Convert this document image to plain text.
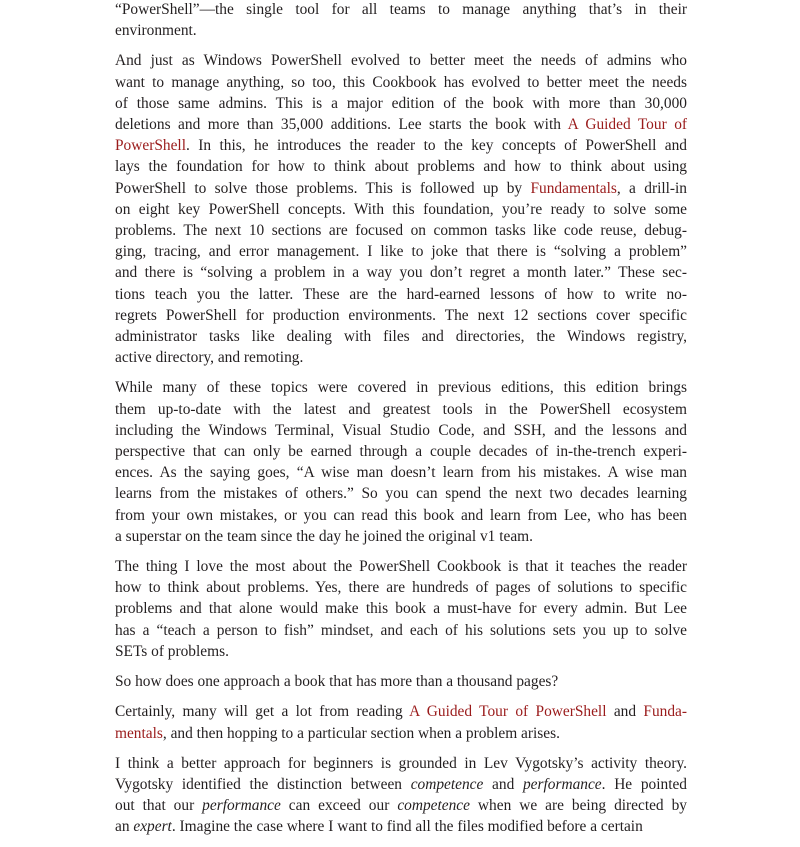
“PowerShell”—the single tool for all teams to manage anything that’s in their
environment.
And just as Windows PowerShell evolved to better meet the needs of admins who
want to manage anything, so too, this Cookbook has evolved to better meet the needs
of those same admins. This is a major edition of the book with more than 30,000
deletions and more than 35,000 additions. Lee starts the book with A Guided Tour of
PowerShell. In this, he introduces the reader to the key concepts of PowerShell and
lays the foundation for how to think about problems and how to think about using
PowerShell to solve those problems. This is followed up by Fundamentals, a drill-in
on eight key PowerShell concepts. With this foundation, you’re ready to solve some
problems. The next 10 sections are focused on common tasks like code reuse, debug-
ging, tracing, and error management. I like to joke that there is “solving a problem”
and there is “solving a problem in a way you don’t regret a month later.” These sec-
tions teach you the latter. These are the hard-earned lessons of how to write no-
regrets PowerShell for production environments. The next 12 sections cover specific
administrator tasks like dealing with files and directories, the Windows registry,
active directory, and remoting.
While many of these topics were covered in previous editions, this edition brings
them up-to-date with the latest and greatest tools in the PowerShell ecosystem
including the Windows Terminal, Visual Studio Code, and SSH, and the lessons and
perspective that can only be earned through a couple decades of in-the-trench experi-
ences. As the saying goes, “A wise man doesn’t learn from his mistakes. A wise man
learns from the mistakes of others.” So you can spend the next two decades learning
from your own mistakes, or you can read this book and learn from Lee, who has been
a superstar on the team since the day he joined the original v1 team.
The thing I love the most about the PowerShell Cookbook is that it teaches the reader
how to think about problems. Yes, there are hundreds of pages of solutions to specific
problems and that alone would make this book a must-have for every admin. But Lee
has a “teach a person to fish” mindset, and each of his solutions sets you up to solve
SETs of problems.
So how does one approach a book that has more than a thousand pages?
Certainly, many will get a lot from reading A Guided Tour of PowerShell and Funda-
mentals, and then hopping to a particular section when a problem arises.
I think a better approach for beginners is grounded in Lev Vygotsky’s activity theory.
Vygotsky identified the distinction between competence and performance. He pointed
out that our performance can exceed our competence when we are being directed by
an expert. Imagine the case where I want to find all the files modified before a certain
